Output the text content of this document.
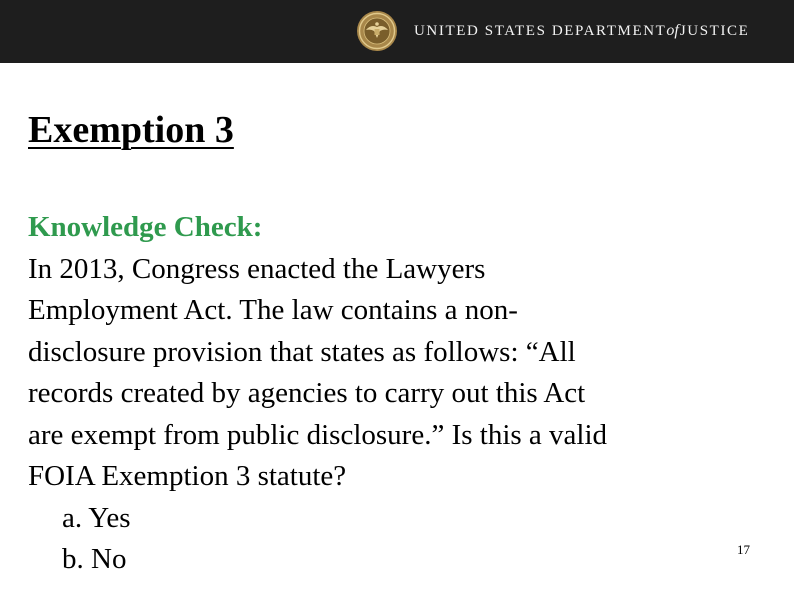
UNITED STATES DEPARTMENTofJUSTICE
Exemption 3
Knowledge Check:
In 2013, Congress enacted the Lawyers
Employment Act. The law contains a non-
disclosure provision that states as follows: “All
records created by agencies to carry out this Act
are exempt from public disclosure.” Is this a valid
FOIA Exemption 3 statute?
a. Yes
b. No	17
